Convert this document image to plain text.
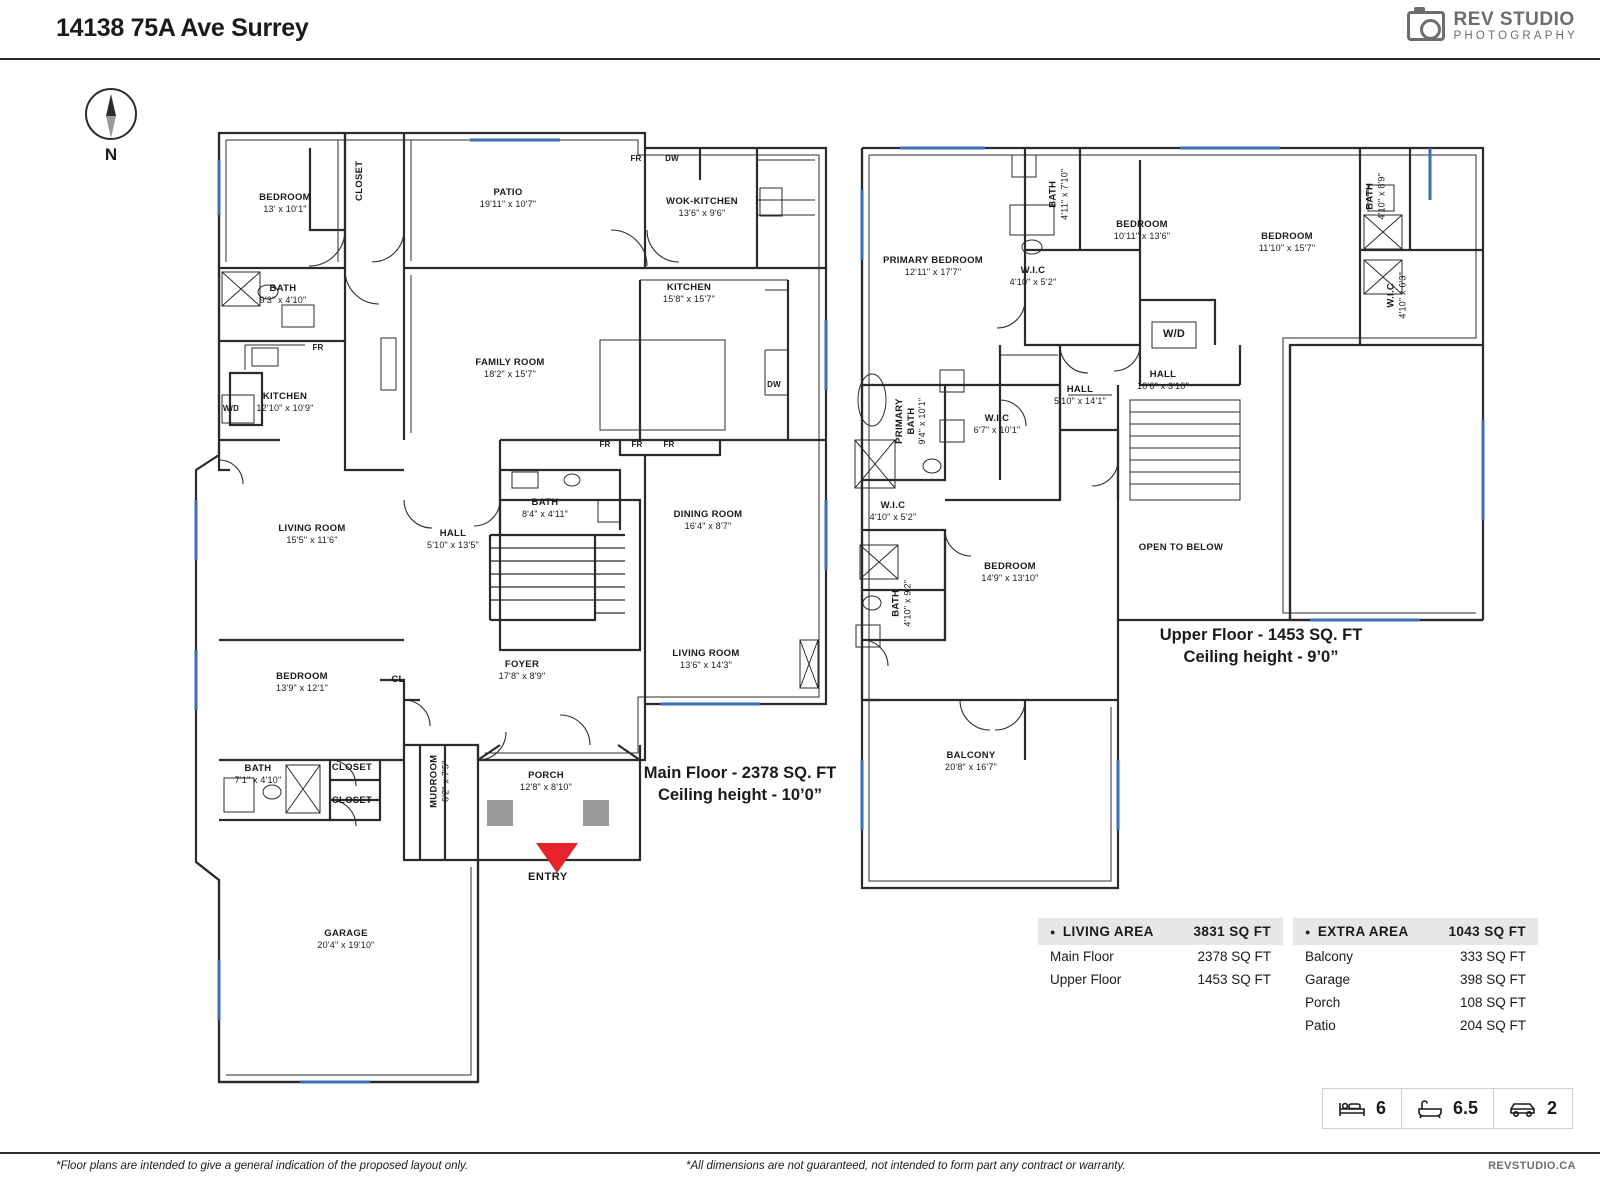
14138 75A Ave Surrey	REV STUDIO
PHOTOGRAPHY
N
BEDROOM
13' x 10'1"
CLOSET	PATIO
19'11" x 10'7"	WOK-KITCHEN
13'6" x 9'6"
BATH
9'3" x 4'10"
KITCHEN
15'8" x 15'7"
KITCHEN
12'10" x 10'9"
FAMILY ROOM
18'2" x 15'7"
LIVING ROOM
15'5" x 11'6"
BATH
8'4" x 4'11"	DINING ROOM
16'4" x 8'7"
HALL
5'10" x 13'5"
LIVING ROOM
13'6" x 14'3"
BEDROOM
13'9" x 12'1"
FOYER
17'8" x 8'9"
BATH
7'1" x 4'10"
CLOSET
CLOSET
CL
MUDROOM 6'2" x 7'5"	PORCH
12'8" x 8'10"
GARAGE
20'4" x 19'10"
FR	DW
FR
W/D
FR	FR	FR
DW
PRIMARY BEDROOM
12'11" x 17'7"
BATH 4'11" x 7'10"
BEDROOM
10'11" x 13'6"	BEDROOM
11'10" x 15'7"
BATH 4'10" x 8'9"
W.I.C
4'10" x 5'2"
W.I.C 4'10" x 6'3"
HALL
10'6" x 3'10"
HALL
5'10" x 14'1"
PRIMARY BATH 9'4" x 10'1"	W.I.C
6'7" x 10'1"
W.I.C
4'10" x 5'2"
BATH 4'10" x 9'2"
BEDROOM
14'9" x 13'10"
OPEN TO BELOW
BALCONY
20'8" x 16'7"
W/D
Main Floor - 2378 SQ. FT
Ceiling height - 10’0”
Upper Floor - 1453 SQ. FT
Ceiling height - 9’0”
ENTRY
● LIVING AREA	3831 SQ FT
Main Floor	2378 SQ FT
Upper Floor	1453 SQ FT
● EXTRA AREA	1043 SQ FT
Balcony	333 SQ FT
Garage	398 SQ FT
Porch	108 SQ FT
Patio	204 SQ FT
6	6.5	2
*Floor plans are intended to give a general indication of the proposed layout only.	*All dimensions are not guaranteed, not intended to form part any contract or warranty.	REVSTUDIO.CA
